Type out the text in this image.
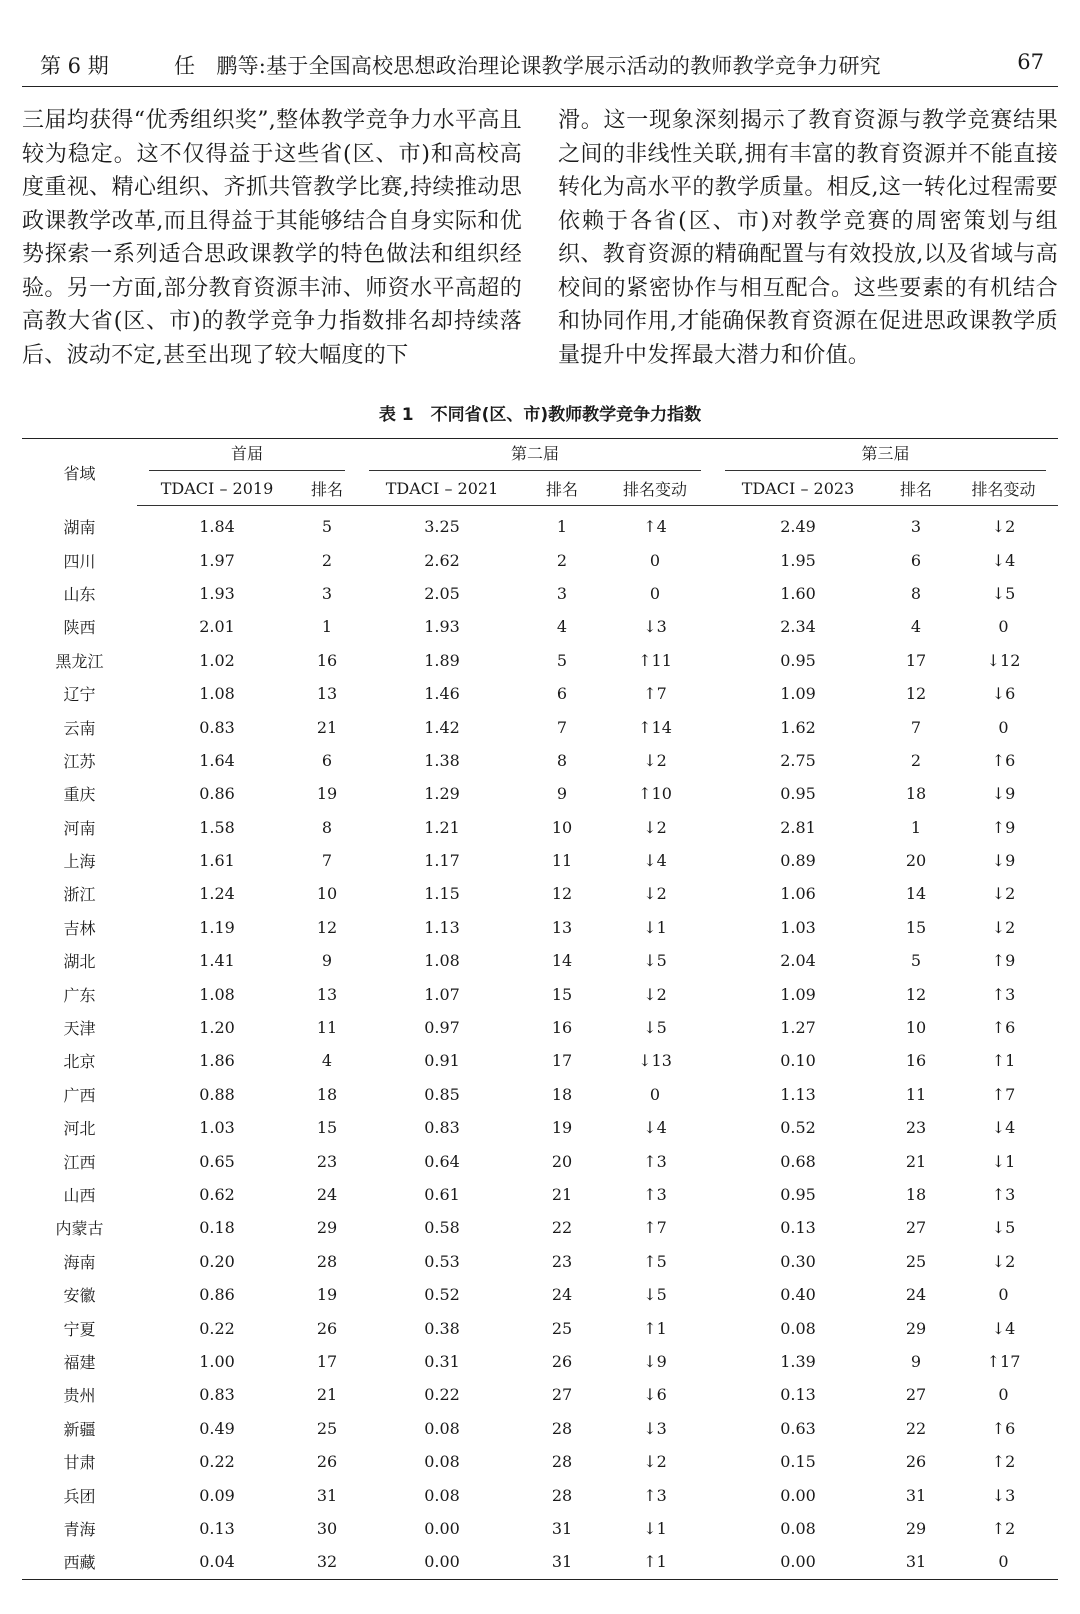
第 6 期	任　鹏等:基于全国高校思想政治理论课教学展示活动的教师教学竞争力研究	67
三届均获得“优秀组织奖”,整体教学竞争力水平高且较为稳定。这不仅得益于这些省(区、市)和高校高度重视、精心组织、齐抓共管教学比赛,持续推动思政课教学改革,而且得益于其能够结合自身实际和优势探索一系列适合思政课教学的特色做法和组织经验。另一方面,部分教育资源丰沛、师资水平高超的高教大省(区、市)的教学竞争力指数排名却持续落后、波动不定,甚至出现了较大幅度的下
滑。这一现象深刻揭示了教育资源与教学竞赛结果之间的非线性关联,拥有丰富的教育资源并不能直接转化为高水平的教学质量。相反,这一转化过程需要依赖于各省(区、市)对教学竞赛的周密策划与组织、教育资源的精确配置与有效投放,以及省域与高校间的紧密协作与相互配合。这些要素的有机结合和协同作用,才能确保教育资源在促进思政课教学质量提升中发挥最大潜力和价值。
表 1　不同省(区、市)教师教学竞争力指数
省域	首届		第二届			第三届		

	TDACI – 2019	排名	TDACI – 2021	排名	排名变动	TDACI – 2023	排名	排名变动
湖南	1.84	5	3.25	1	↑4	2.49	3	↓2
四川	1.97	2	2.62	2	0	1.95	6	↓4
山东	1.93	3	2.05	3	0	1.60	8	↓5
陕西	2.01	1	1.93	4	↓3	2.34	4	0
黑龙江	1.02	16	1.89	5	↑11	0.95	17	↓12
辽宁	1.08	13	1.46	6	↑7	1.09	12	↓6
云南	0.83	21	1.42	7	↑14	1.62	7	0
江苏	1.64	6	1.38	8	↓2	2.75	2	↑6
重庆	0.86	19	1.29	9	↑10	0.95	18	↓9
河南	1.58	8	1.21	10	↓2	2.81	1	↑9
上海	1.61	7	1.17	11	↓4	0.89	20	↓9
浙江	1.24	10	1.15	12	↓2	1.06	14	↓2
吉林	1.19	12	1.13	13	↓1	1.03	15	↓2
湖北	1.41	9	1.08	14	↓5	2.04	5	↑9
广东	1.08	13	1.07	15	↓2	1.09	12	↑3
天津	1.20	11	0.97	16	↓5	1.27	10	↑6
北京	1.86	4	0.91	17	↓13	0.10	16	↑1
广西	0.88	18	0.85	18	0	1.13	11	↑7
河北	1.03	15	0.83	19	↓4	0.52	23	↓4
江西	0.65	23	0.64	20	↑3	0.68	21	↓1
山西	0.62	24	0.61	21	↑3	0.95	18	↑3
内蒙古	0.18	29	0.58	22	↑7	0.13	27	↓5
海南	0.20	28	0.53	23	↑5	0.30	25	↓2
安徽	0.86	19	0.52	24	↓5	0.40	24	0
宁夏	0.22	26	0.38	25	↑1	0.08	29	↓4
福建	1.00	17	0.31	26	↓9	1.39	9	↑17
贵州	0.83	21	0.22	27	↓6	0.13	27	0
新疆	0.49	25	0.08	28	↓3	0.63	22	↑6
甘肃	0.22	26	0.08	28	↓2	0.15	26	↑2
兵团	0.09	31	0.08	28	↑3	0.00	31	↓3
青海	0.13	30	0.00	31	↓1	0.08	29	↑2
西藏	0.04	32	0.00	31	↑1	0.00	31	0
